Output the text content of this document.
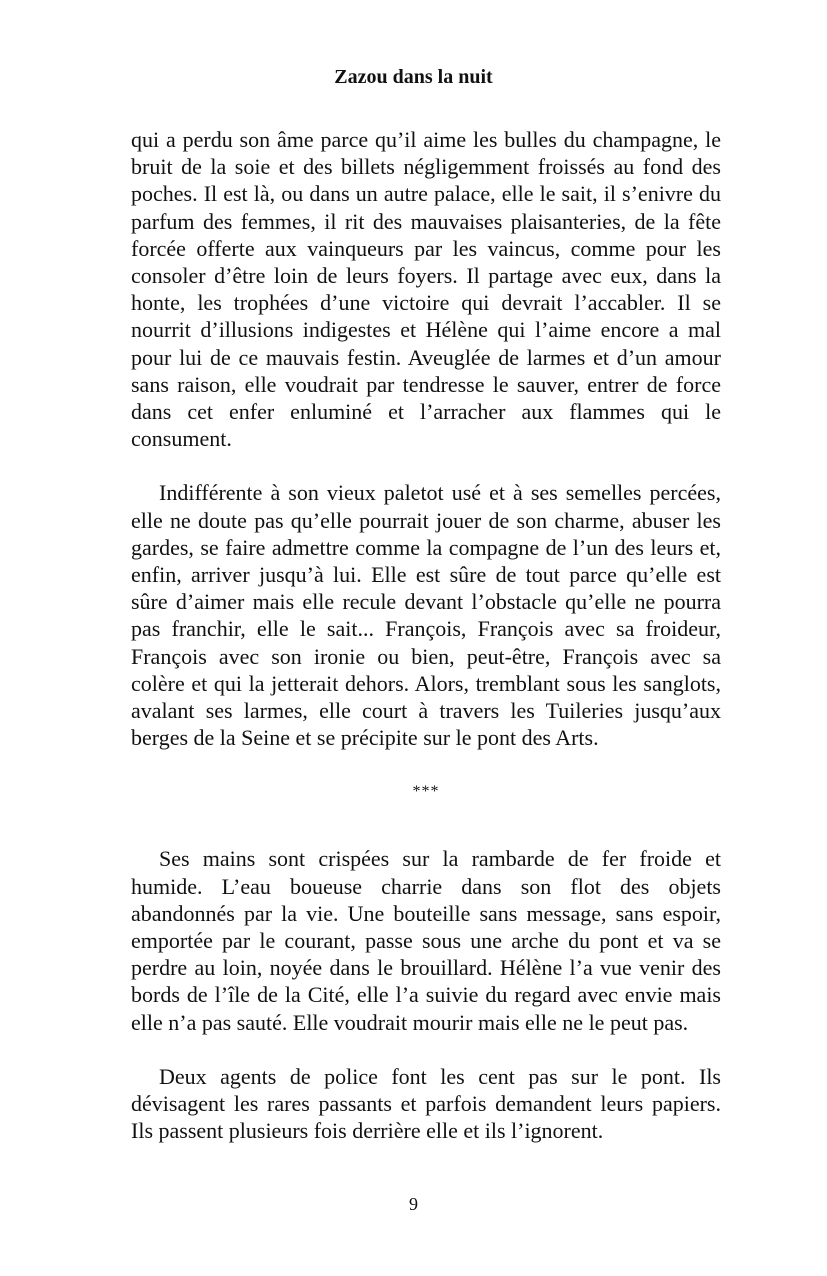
Zazou dans la nuit

qui a perdu son âme parce qu’il aime les bulles du champagne, le bruit de la soie et des billets négligemment froissés au fond des poches. Il est là, ou dans un autre palace, elle le sait, il s’enivre du parfum des femmes, il rit des mauvaises plaisanteries, de la fête forcée offerte aux vainqueurs par les vaincus, comme pour les consoler d’être loin de leurs foyers. Il partage avec eux, dans la honte, les trophées d’une victoire qui devrait l’accabler. Il se nourrit d’illusions indigestes et Hélène qui l’aime encore a mal pour lui de ce mauvais festin. Aveuglée de larmes et d’un amour sans raison, elle voudrait par tendresse le sauver, entrer de force dans cet enfer enluminé et l’arracher aux flammes qui le consument.

Indifférente à son vieux paletot usé et à ses semelles percées, elle ne doute pas qu’elle pourrait jouer de son charme, abuser les gardes, se faire admettre comme la compagne de l’un des leurs et, enfin, arriver jusqu’à lui. Elle est sûre de tout parce qu’elle est sûre d’aimer mais elle recule devant l’obstacle qu’elle ne pourra pas franchir, elle le sait... François, François avec sa froideur, François avec son ironie ou bien, peut-être, François avec sa colère et qui la jetterait dehors. Alors, tremblant sous les sanglots, avalant ses larmes, elle court à travers les Tuileries jusqu’aux berges de la Seine et se précipite sur le pont des Arts.

***

Ses mains sont crispées sur la rambarde de fer froide et humide. L’eau boueuse charrie dans son flot des objets abandonnés par la vie. Une bouteille sans message, sans espoir, emportée par le courant, passe sous une arche du pont et va se perdre au loin, noyée dans le brouillard. Hélène l’a vue venir des bords de l’île de la Cité, elle l’a suivie du regard avec envie mais elle n’a pas sauté. Elle voudrait mourir mais elle ne le peut pas.

Deux agents de police font les cent pas sur le pont. Ils dévisagent les rares passants et parfois demandent leurs papiers. Ils passent plusieurs fois derrière elle et ils l’ignorent.

9
